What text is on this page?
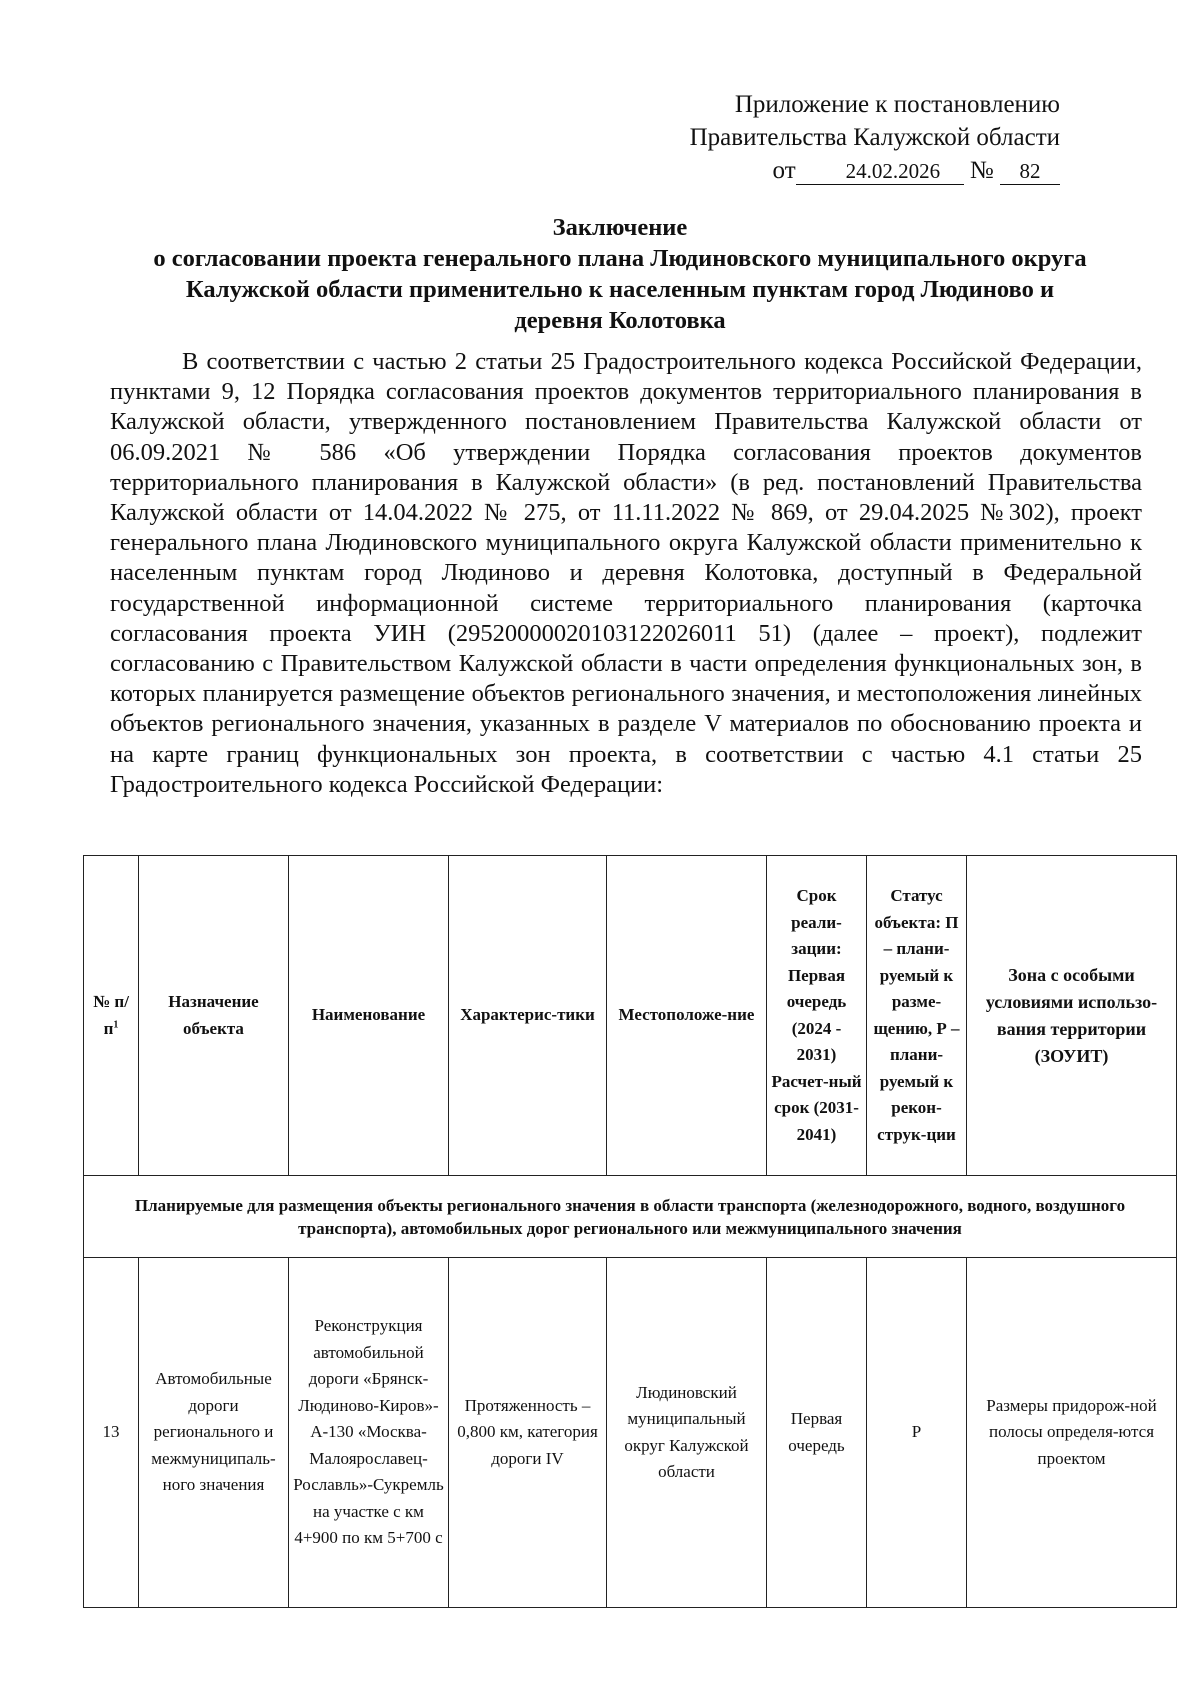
Приложение к постановлению
Правительства Калужской области
от 24.02.2026 № 82
Заключение
о согласовании проекта генерального плана Людиновского муниципального округа
Калужской области применительно к населенным пунктам город Людиново и
деревня Колотовка

В соответствии с частью 2 статьи 25 Градостроительного кодекса Российской Федерации, пунктами 9, 12 Порядка согласования проектов документов территориального планирования в Калужской области, утвержденного постановлением Правительства Калужской области от 06.09.2021 № 586 «Об утверждении Порядка согласования проектов документов территориального планирования в Калужской области» (в ред. постановлений Правительства Калужской области от 14.04.2022 № 275, от 11.11.2022 № 869, от 29.04.2025 №302), проект генерального плана Людиновского муниципального округа Калужской области применительно к населенным пунктам город Людиново и деревня Колотовка, доступный в Федеральной государственной информационной системе территориального планирования (карточка согласования проекта УИН (29520000020103122026011 51) (далее – проект), подлежит согласованию с Правительством Калужской области в части определения функциональных зон, в которых планируется размещение объектов регионального значения, и местоположения линейных объектов регионального значения, указанных в разделе V материалов по обоснованию проекта и на карте границ функциональных зон проекта, в соответствии с частью 4.1 статьи 25 Градостроительного кодекса Российской Федерации:

№ $п/п^1$	Назначение объекта	Наименование	Характерис-тики	Местоположе-ние	Срок реали-зации: Первая очередь (2024 - 2031) Расчет-ный срок (2031-2041)	Статус объекта: П – плани-руемый к разме-щению, Р – плани-руемый к рекон-струк-ции	Зона с особыми условиями использо-вания территории (ЗОУИТ)
Планируемые для размещения объекты регионального значения в области транспорта (железнодорожного, водного, воздушного транспорта), автомобильных дорог регионального или межмуниципального значения							
13	Автомобильные дороги регионального и межмуниципаль-ного значения	Реконструкция автомобильной дороги «Брянск-Людиново-Киров»-А-130 «Москва-Малоярославец-Рославль»-Сукремль на участке с км 4+900 по км 5+700 с	Протяженность – 0,800 км, категория дороги IV	Людиновский муниципальный округ Калужской области	Первая очередь	Р	Размеры придорож-ной полосы определя-ются проектом
